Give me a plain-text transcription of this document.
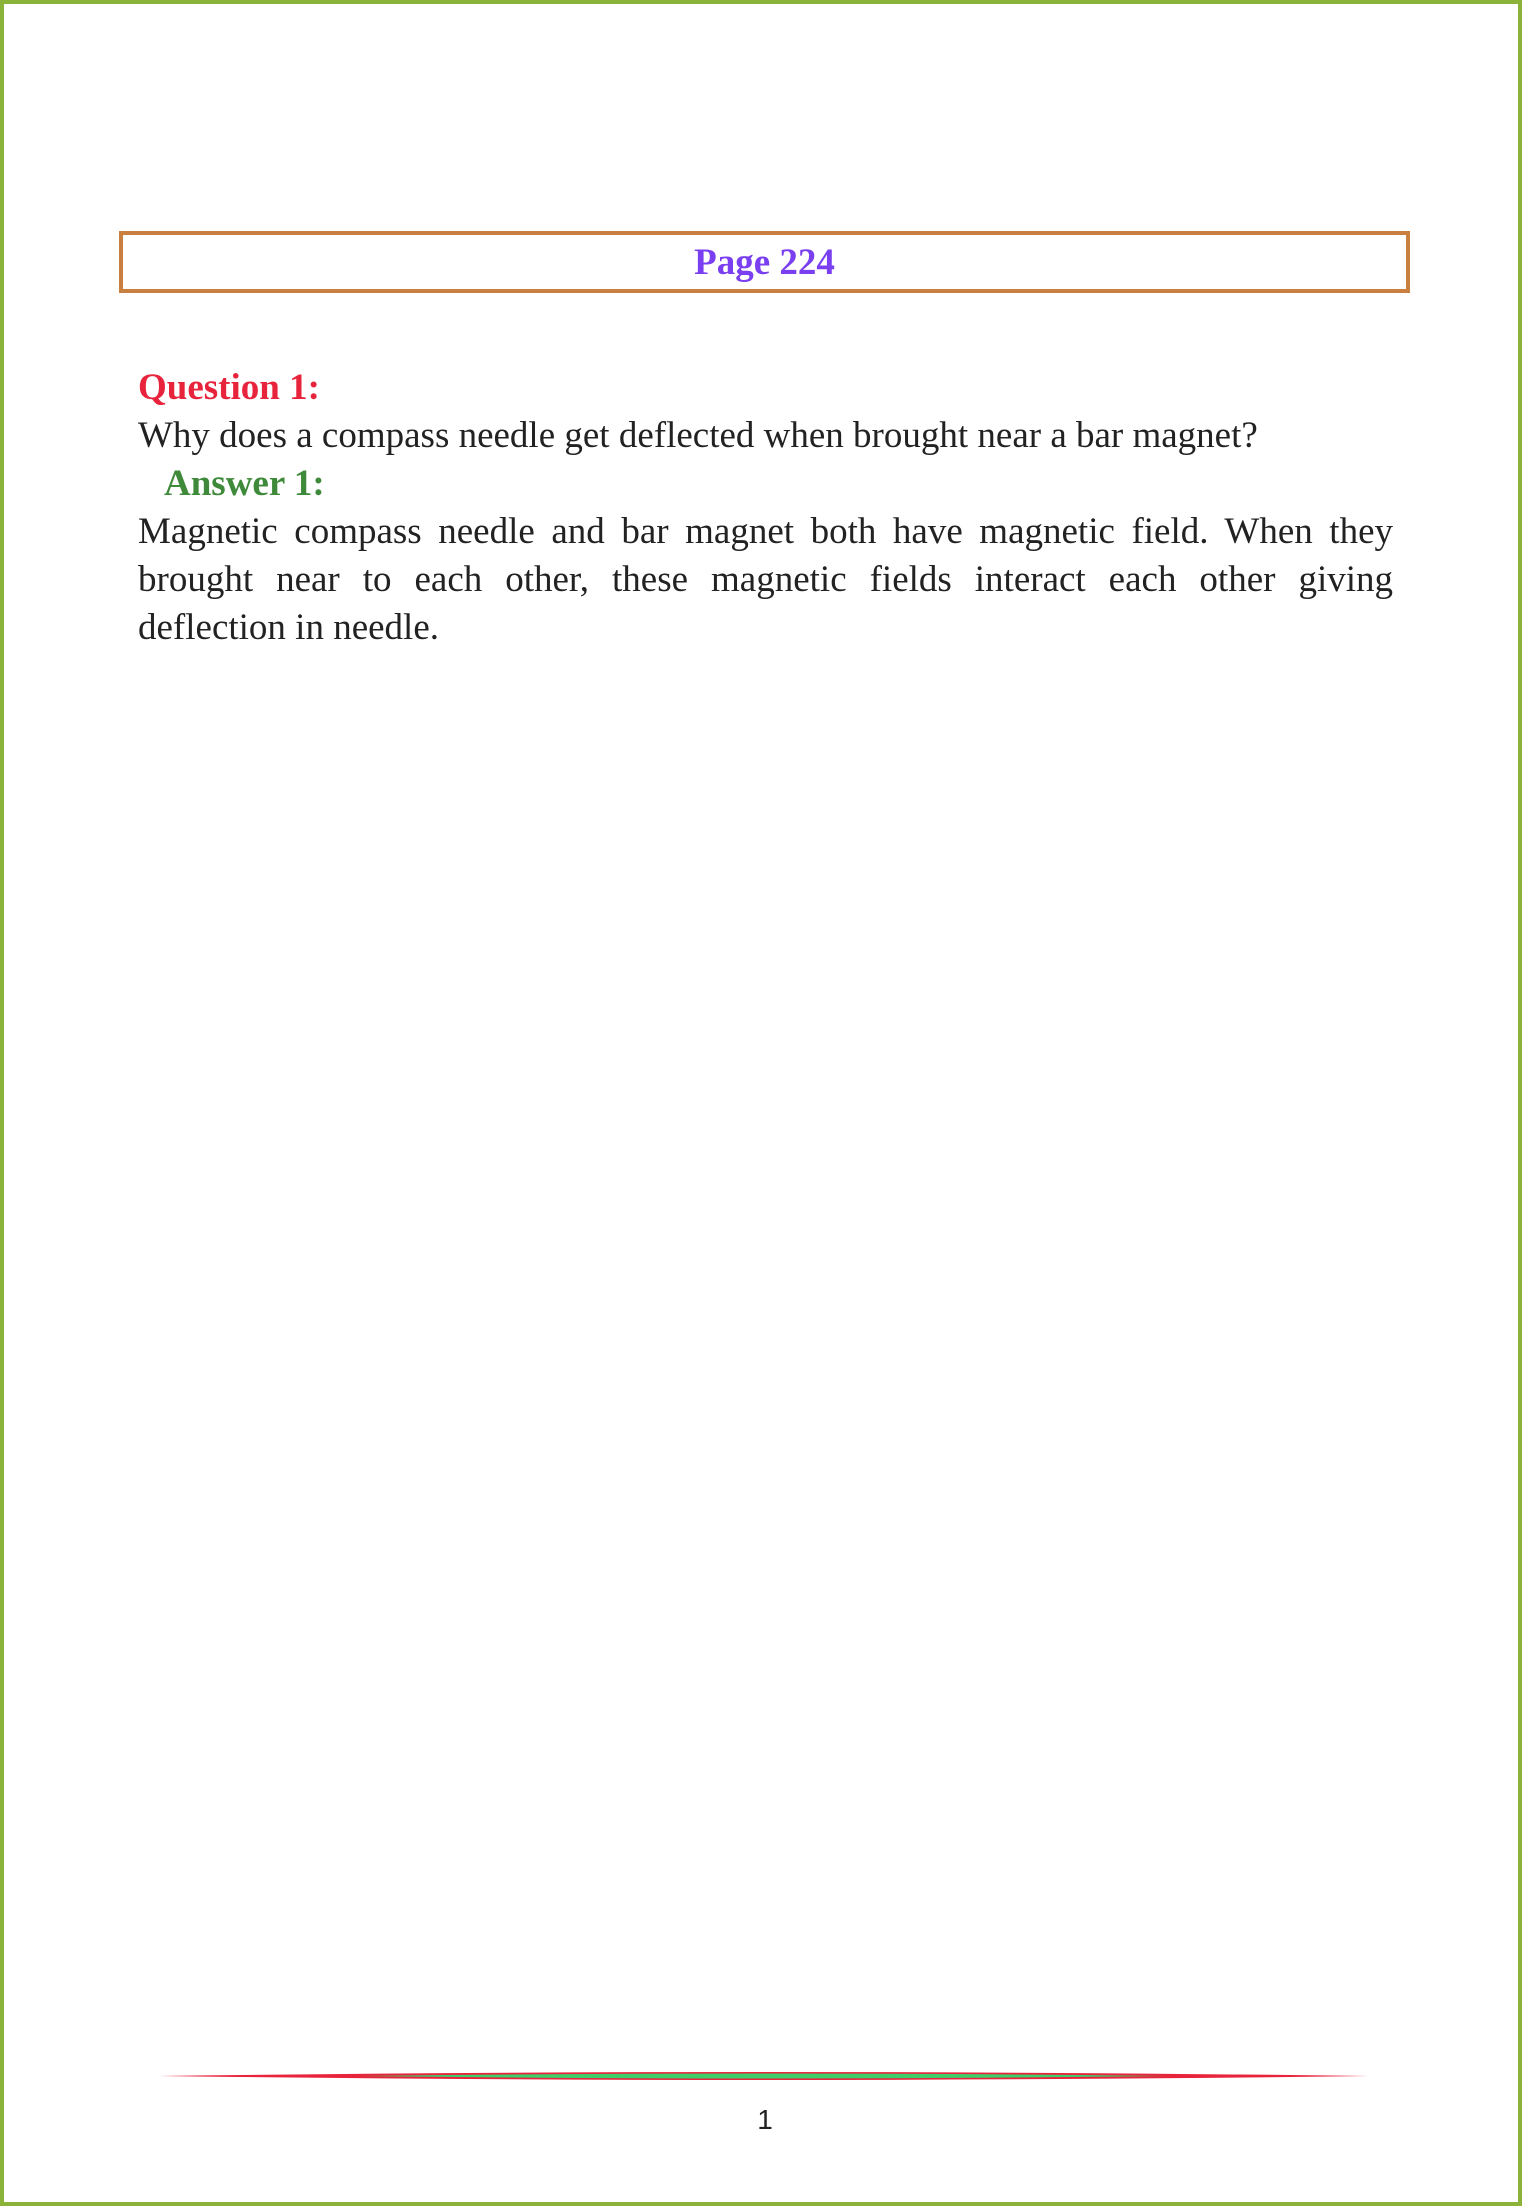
Page 224

Question 1:

Why does a compass needle get deflected when brought near a bar magnet?

Answer 1:

Magnetic compass needle and bar magnet both have magnetic field. When they brought near to each other, these magnetic fields interact each other giving deflection in needle.

1
